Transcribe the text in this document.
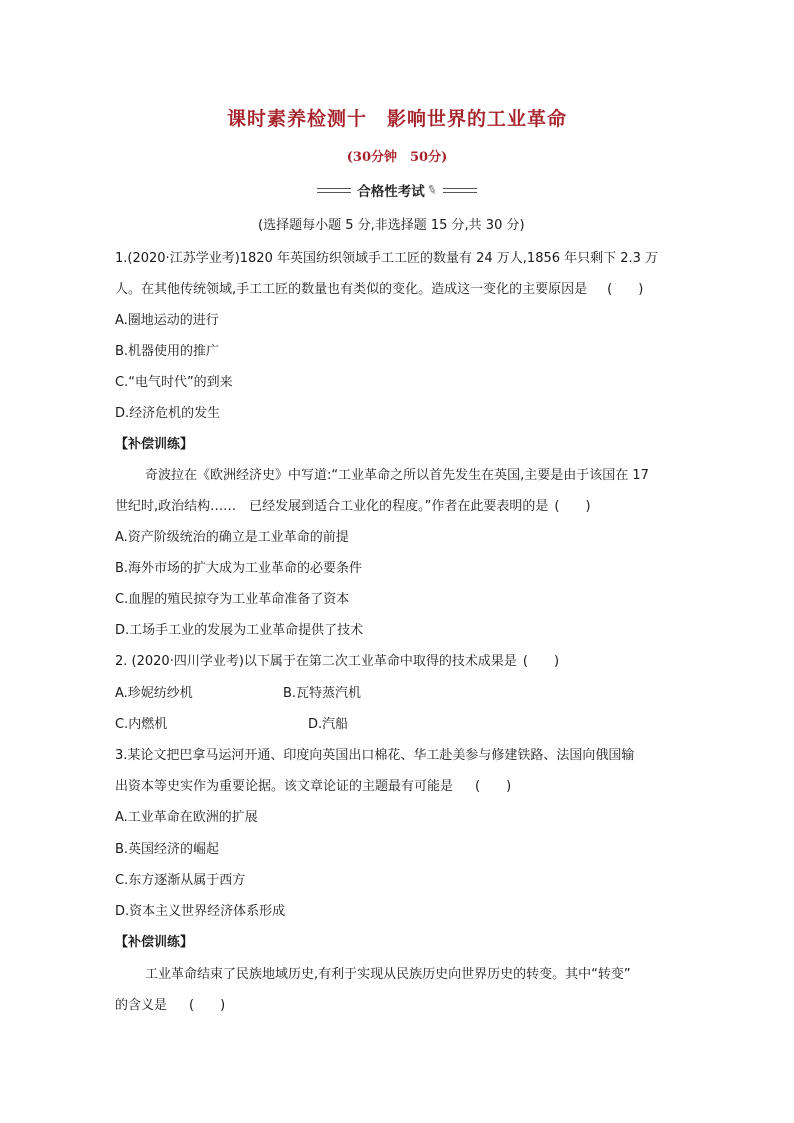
课时素养检测十　影响世界的工业革命
(30分钟　50分)
合格性考试 ✎
(选择题每小题 5 分,非选择题 15 分,共 30 分)
1.(2020·江苏学业考)1820 年英国纺织领域手工工匠的数量有 24 万人,1856 年只剩下 2.3 万
人。在其他传统领域,手工工匠的数量也有类似的变化。造成这一变化的主要原因是 (　　)
A.圈地运动的进行
B.机器使用的推广
C.“电气时代”的到来
D.经济危机的发生
【补偿训练】
奇波拉在《欧洲经济史》中写道:“工业革命之所以首先发生在英国,主要是由于该国在 17
世纪时,政治结构……　已经发展到适合工业化的程度。”作者在此要表明的是 (　　)
A.资产阶级统治的确立是工业革命的前提
B.海外市场的扩大成为工业革命的必要条件
C.血腥的殖民掠夺为工业革命准备了资本
D.工场手工业的发展为工业革命提供了技术
2. (2020·四川学业考)以下属于在第二次工业革命中取得的技术成果是 (　　)
A.珍妮纺纱机	B.瓦特蒸汽机
C.内燃机	D.汽船
3.某论文把巴拿马运河开通、印度向英国出口棉花、华工赴美参与修建铁路、法国向俄国输
出资本等史实作为重要论据。该文章论证的主题最有可能是 (　　)
A.工业革命在欧洲的扩展
B.英国经济的崛起
C.东方逐渐从属于西方
D.资本主义世界经济体系形成
【补偿训练】
工业革命结束了民族地域历史,有利于实现从民族历史向世界历史的转变。其中“转变”
的含义是 (　　)
